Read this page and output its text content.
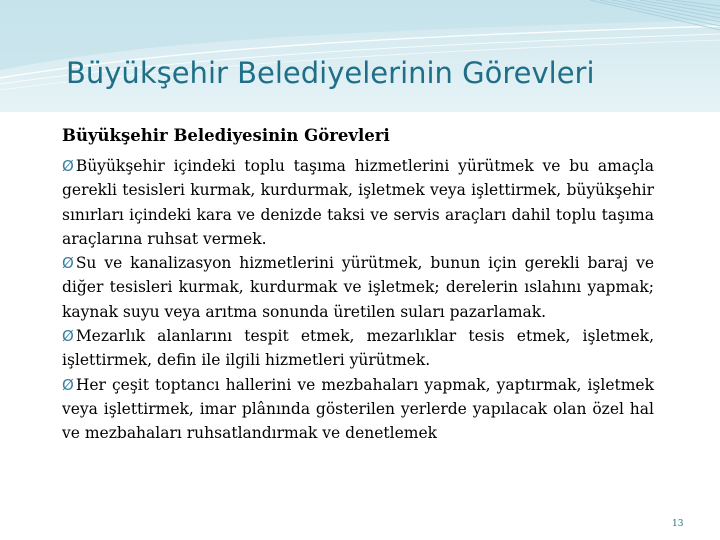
Büyükşehir Belediyelerinin Görevleri
Büyükşehir Belediyesinin Görevleri
Ø Büyükşehir içindeki toplu taşıma hizmetlerini yürütmek ve bu amaçla gerekli tesisleri kurmak, kurdurmak, işletmek veya işlettirmek, büyükşehir sınırları içindeki kara ve denizde taksi ve servis araçları dahil toplu taşıma araçlarına ruhsat vermek.
Ø Su ve kanalizasyon hizmetlerini yürütmek, bunun için gerekli baraj ve diğer tesisleri kurmak, kurdurmak ve işletmek; derelerin ıslahını yapmak; kaynak suyu veya arıtma sonunda üretilen suları pazarlamak.
Ø Mezarlık alanlarını tespit etmek, mezarlıklar tesis etmek, işletmek, işlettirmek, defin ile ilgili hizmetleri yürütmek.
Ø Her çeşit toptancı hallerini ve mezbahaları yapmak, yaptırmak, işletmek veya işlettirmek, imar plânında gösterilen yerlerde yapılacak olan özel hal ve mezbahaları ruhsatlandırmak ve denetlemek
13
